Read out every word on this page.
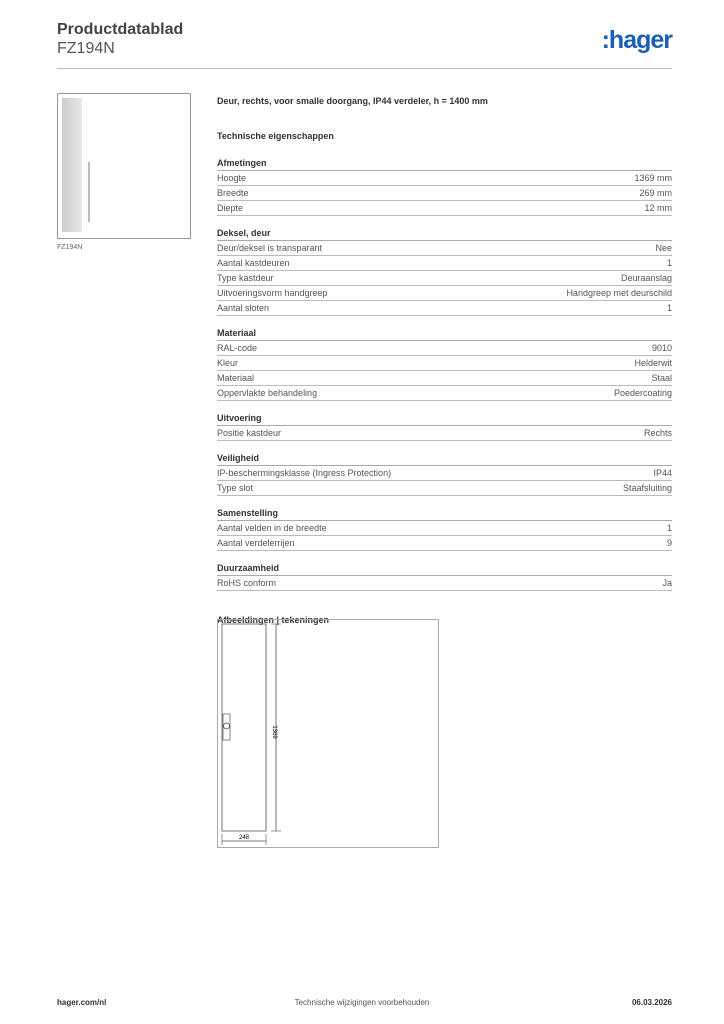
Productdatablad
FZ194N	:hager
FZ194N
Deur, rechts, voor smalle doorgang, IP44 verdeler, h = 1400 mm
Technische eigenschappen
Afmetingen
Hoogte	1369 mm
Breedte	269 mm
Diepte	12 mm
Deksel, deur
Deur/deksel is transparant	Nee
Aantal kastdeuren	1
Type kastdeur	Deuraanslag
Uitvoeringsvorm handgreep	Handgreep met deurschild
Aantal sloten	1
Materiaal
RAL-code	9010
Kleur	Helderwit
Materiaal	Staal
Oppervlakte behandeling	Poedercoating
Uitvoering
Positie kastdeur	Rechts
Veiligheid
IP-beschermingsklasse (Ingress Protection)	IP44
Type slot	Staafsluiting
Samenstelling
Aantal velden in de breedte	1
Aantal verdelerrijen	9
Duurzaamheid
RoHS conform	Ja
Afbeeldingen | tekeningen
1369
248
hager.com/nl	Technische wijzigingen voorbehouden	06.03.2026
